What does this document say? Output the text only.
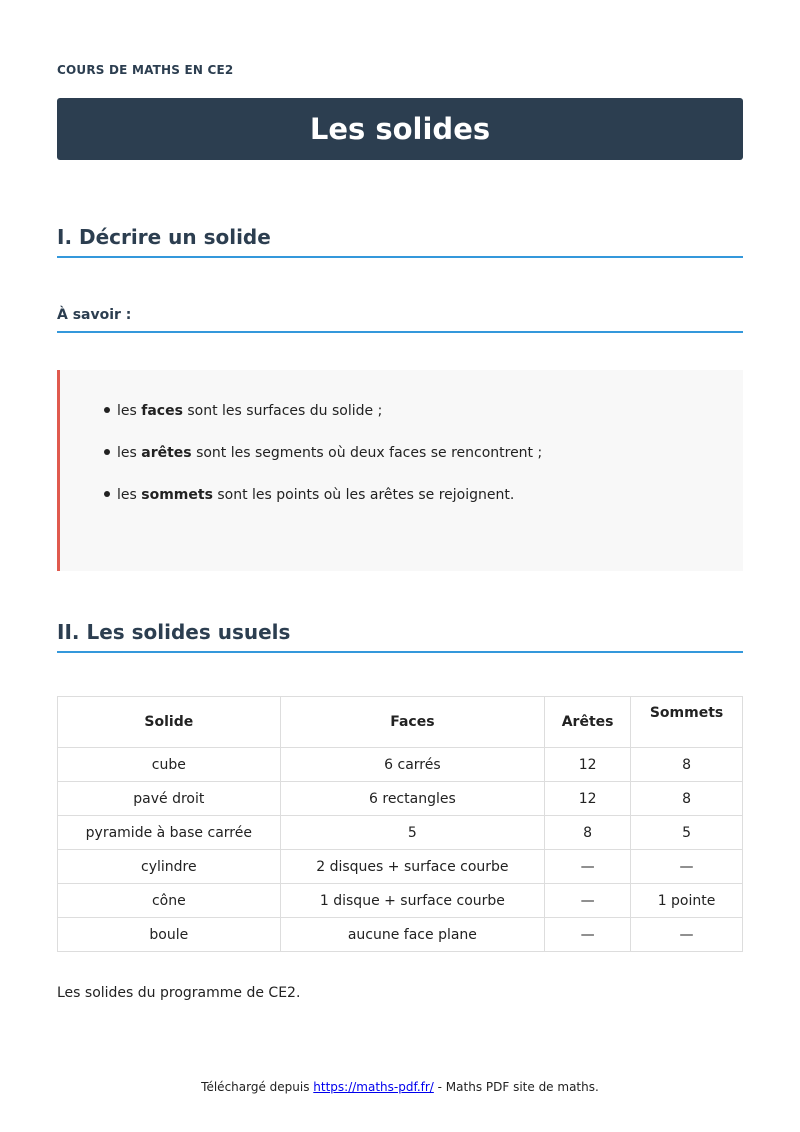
COURS DE MATHS EN CE2
Les solides
I. Décrire un solide
À savoir :
les faces sont les surfaces du solide ;
les arêtes sont les segments où deux faces se rencontrent ;
les sommets sont les points où les arêtes se rejoignent.
II. Les solides usuels
Solide	Faces	Arêtes	Sommets
cube	6 carrés	12	8
pavé droit	6 rectangles	12	8
pyramide à base carrée	5	8	5
cylindre	2 disques + surface courbe	—	—
cône	1 disque + surface courbe	—	1 pointe
boule	aucune face plane	—	—
Les solides du programme de CE2.
Téléchargé depuis https://maths-pdf.fr/ - Maths PDF site de maths.
